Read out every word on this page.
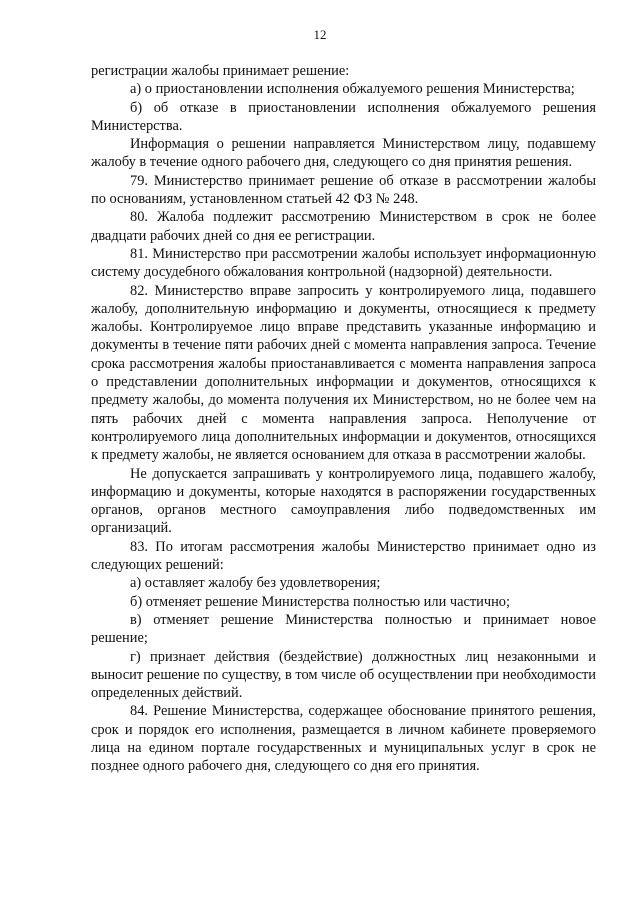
12

регистрации жалобы принимает решение:

а) о приостановлении исполнения обжалуемого решения Министерства;

б) об отказе в приостановлении исполнения обжалуемого решения Министерства.

Информация о решении направляется Министерством лицу, подавшему жалобу в течение одного рабочего дня, следующего со дня принятия решения.

79. Министерство принимает решение об отказе в рассмотрении жалобы по основаниям, установленном статьей 42 ФЗ № 248.

80. Жалоба подлежит рассмотрению Министерством в срок не более двадцати рабочих дней со дня ее регистрации.

81. Министерство при рассмотрении жалобы использует информационную систему досудебного обжалования контрольной (надзорной) деятельности.

82. Министерство вправе запросить у контролируемого лица, подавшего жалобу, дополнительную информацию и документы, относящиеся к предмету жалобы. Контролируемое лицо вправе представить указанные информацию и документы в течение пяти рабочих дней с момента направления запроса. Течение срока рассмотрения жалобы приостанавливается с момента направления запроса о представлении дополнительных информации и документов, относящихся к предмету жалобы, до момента получения их Министерством, но не более чем на пять рабочих дней с момента направления запроса. Неполучение от контролируемого лица дополнительных информации и документов, относящихся к предмету жалобы, не является основанием для отказа в рассмотрении жалобы.

Не допускается запрашивать у контролируемого лица, подавшего жалобу, информацию и документы, которые находятся в распоряжении государственных органов, органов местного самоуправления либо подведомственных им организаций.

83. По итогам рассмотрения жалобы Министерство принимает одно из следующих решений:

а) оставляет жалобу без удовлетворения;

б) отменяет решение Министерства полностью или частично;

в) отменяет решение Министерства полностью и принимает новое решение;

г) признает действия (бездействие) должностных лиц незаконными и выносит решение по существу, в том числе об осуществлении при необходимости определенных действий.

84. Решение Министерства, содержащее обоснование принятого решения, срок и порядок его исполнения, размещается в личном кабинете проверяемого лица на едином портале государственных и муниципальных услуг в срок не позднее одного рабочего дня, следующего со дня его принятия.
